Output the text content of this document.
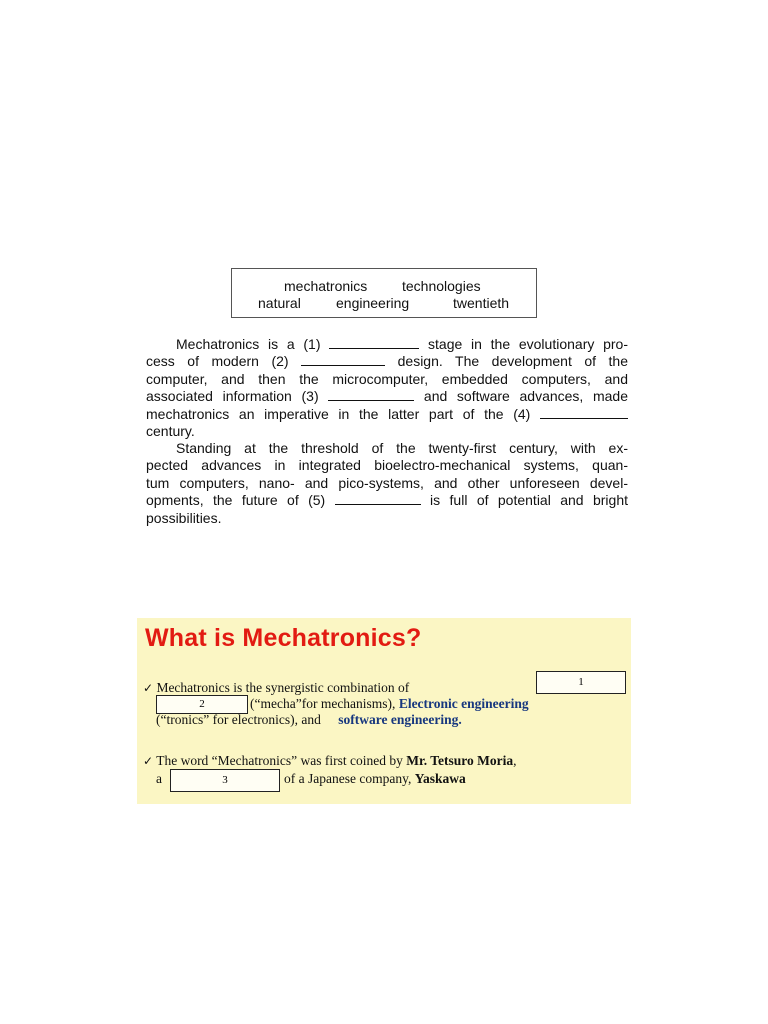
mechatronics technologies
natural	engineering	twentieth
Mechatronics is a (1)	stage in the evolutionary pro-
cess of modern (2)	design. The development of the
computer, and then the microcomputer, embedded computers, and
associated information (3)	and software advances, made
mechatronics an imperative in the latter part of the (4)
century.
Standing at the threshold of the twenty-first century, with ex-
pected advances in integrated bioelectro-mechanical systems, quan-
tum computers, nano- and pico-systems, and other unforeseen devel-
opments, the future of (5)	is full of potential and bright
possibilities.
What is Mechatronics?
✓ Mechatronics is the synergistic combination of	1
2	(“mecha”for mechanisms), Electronic engineering
(“tronics” for electronics), and software engineering.
✓ The word “Mechatronics” was first coined by Mr. Tetsuro Moria,
a	3	of a Japanese company, Yaskawa
